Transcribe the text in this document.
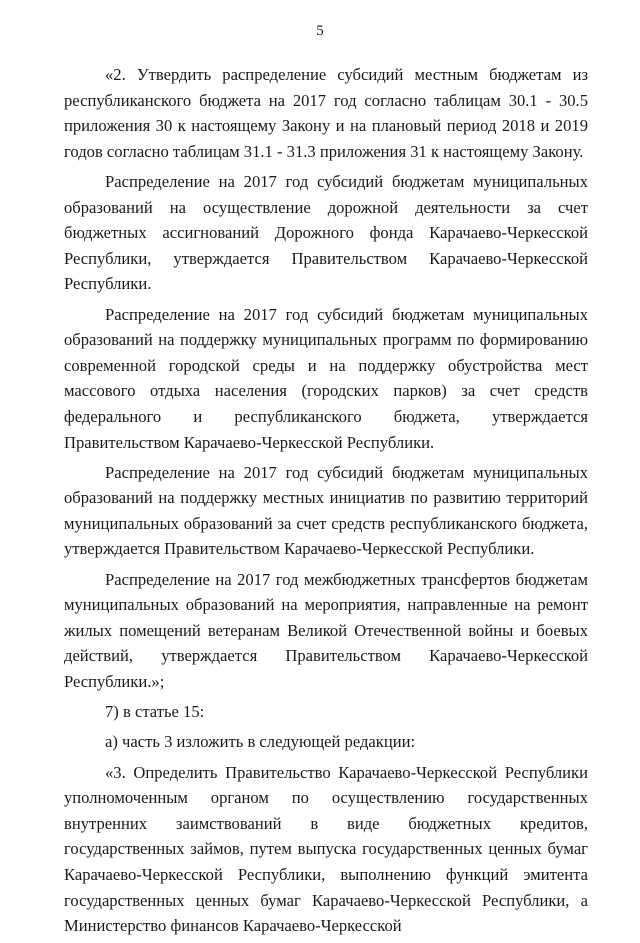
5

«2. Утвердить распределение субсидий местным бюджетам из республиканского бюджета на 2017 год согласно таблицам 30.1 - 30.5 приложения 30 к настоящему Закону и на плановый период 2018 и 2019 годов согласно таблицам 31.1 - 31.3 приложения 31 к настоящему Закону.

Распределение на 2017 год субсидий бюджетам муниципальных образований на осуществление дорожной деятельности за счет бюджетных ассигнований Дорожного фонда Карачаево-Черкесской Республики, утверждается Правительством Карачаево-Черкесской Республики.

Распределение на 2017 год субсидий бюджетам муниципальных образований на поддержку муниципальных программ по формированию современной городской среды и на поддержку обустройства мест массового отдыха населения (городских парков) за счет средств федерального и республиканского бюджета, утверждается Правительством Карачаево-Черкесской Республики.

Распределение на 2017 год субсидий бюджетам муниципальных образований на поддержку местных инициатив по развитию территорий муниципальных образований за счет средств республиканского бюджета, утверждается Правительством Карачаево-Черкесской Республики.

Распределение на 2017 год межбюджетных трансфертов бюджетам муниципальных образований на мероприятия, направленные на ремонт жилых помещений ветеранам Великой Отечественной войны и боевых действий, утверждается Правительством Карачаево-Черкесской Республики.»;

7) в статье 15:

а) часть 3 изложить в следующей редакции:

«3. Определить Правительство Карачаево-Черкесской Республики уполномоченным органом по осуществлению государственных внутренних заимствований в виде бюджетных кредитов, государственных займов, путем выпуска государственных ценных бумаг Карачаево-Черкесской Республики, выполнению функций эмитента государственных ценных бумаг Карачаево-Черкесской Республики, а Министерство финансов Карачаево-Черкесской
